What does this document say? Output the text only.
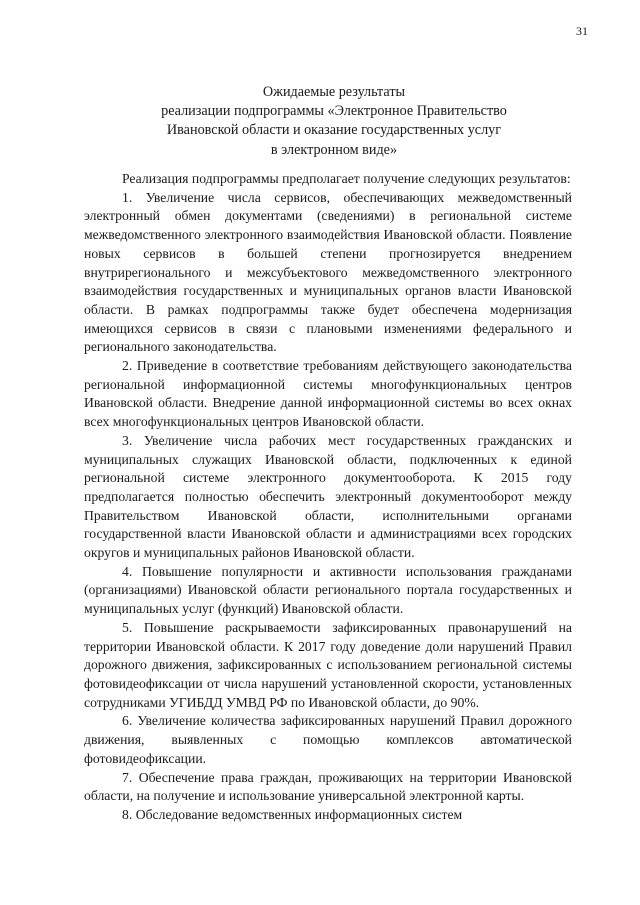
31
Ожидаемые результаты
реализации подпрограммы «Электронное Правительство
Ивановской области и оказание государственных услуг
в электронном виде»

Реализация подпрограммы предполагает получение следующих результатов:

1. Увеличение числа сервисов, обеспечивающих межведомственный электронный обмен документами (сведениями) в региональной системе межведомственного электронного взаимодействия Ивановской области. Появление новых сервисов в большей степени прогнозируется внедрением внутрирегионального и межсубъектового межведомственного электронного взаимодействия государственных и муниципальных органов власти Ивановской области. В рамках подпрограммы также будет обеспечена модернизация имеющихся сервисов в связи с плановыми изменениями федерального и регионального законодательства.

2. Приведение в соответствие требованиям действующего законодательства региональной информационной системы многофункциональных центров Ивановской области. Внедрение данной информационной системы во всех окнах всех многофункциональных центров Ивановской области.

3. Увеличение числа рабочих мест государственных гражданских и муниципальных служащих Ивановской области, подключенных к единой региональной системе электронного документооборота. К 2015 году предполагается полностью обеспечить электронный документооборот между Правительством Ивановской области, исполнительными органами государственной власти Ивановской области и администрациями всех городских округов и муниципальных районов Ивановской области.

4. Повышение популярности и активности использования гражданами (организациями) Ивановской области регионального портала государственных и муниципальных услуг (функций) Ивановской области.

5. Повышение раскрываемости зафиксированных правонарушений на территории Ивановской области. К 2017 году доведение доли нарушений Правил дорожного движения, зафиксированных с использованием региональной системы фотовидеофиксации от числа нарушений установленной скорости, установленных сотрудниками УГИБДД УМВД РФ по Ивановской области, до 90%.

6. Увеличение количества зафиксированных нарушений Правил дорожного движения, выявленных с помощью комплексов автоматической фотовидеофиксации.

7. Обеспечение права граждан, проживающих на территории Ивановской области, на получение и использование универсальной электронной карты.

8. Обследование ведомственных информационных систем
